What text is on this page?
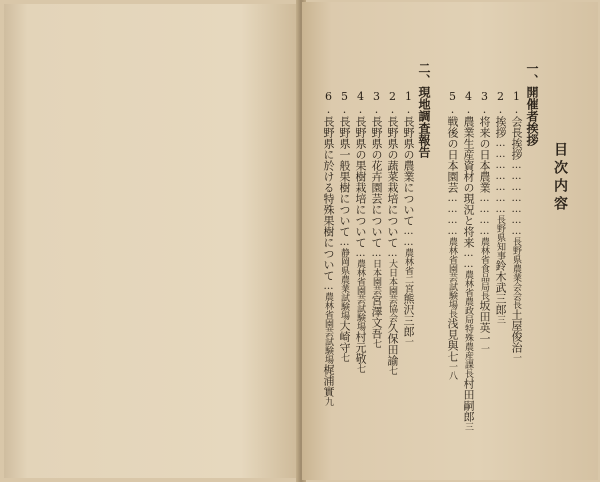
目次内容
一、開催者挨拶
1.会長挨拶…………………長野県農業会会長土屋俊治一
2.挨拶…………………長野県知事鈴木武三郎三
3.将来の日本農業…………農林省食品局長坂田英一一
4.農業生産資材の現況と将来……農林省農政局特殊農産課長村田嗣郎三
5.戦後の日本園芸…………農林省園芸試験場長浅見與七一八
二、現地調査報告
1.長野県の農業について……農林省二宮熊沢三郎一
2.長野県の蔬菜栽培について…大日本園芸協会久保田諭七
3.長野県の花卉園芸について…日本園芸宮澤文吾七
4.長野県の果樹栽培について…農林省園芸試験場村元敬七
5.長野県一般果樹について…静岡県農業試験場大崎守七
6.長野県に於ける特殊果樹について…農林省園芸試験場梶浦實九
